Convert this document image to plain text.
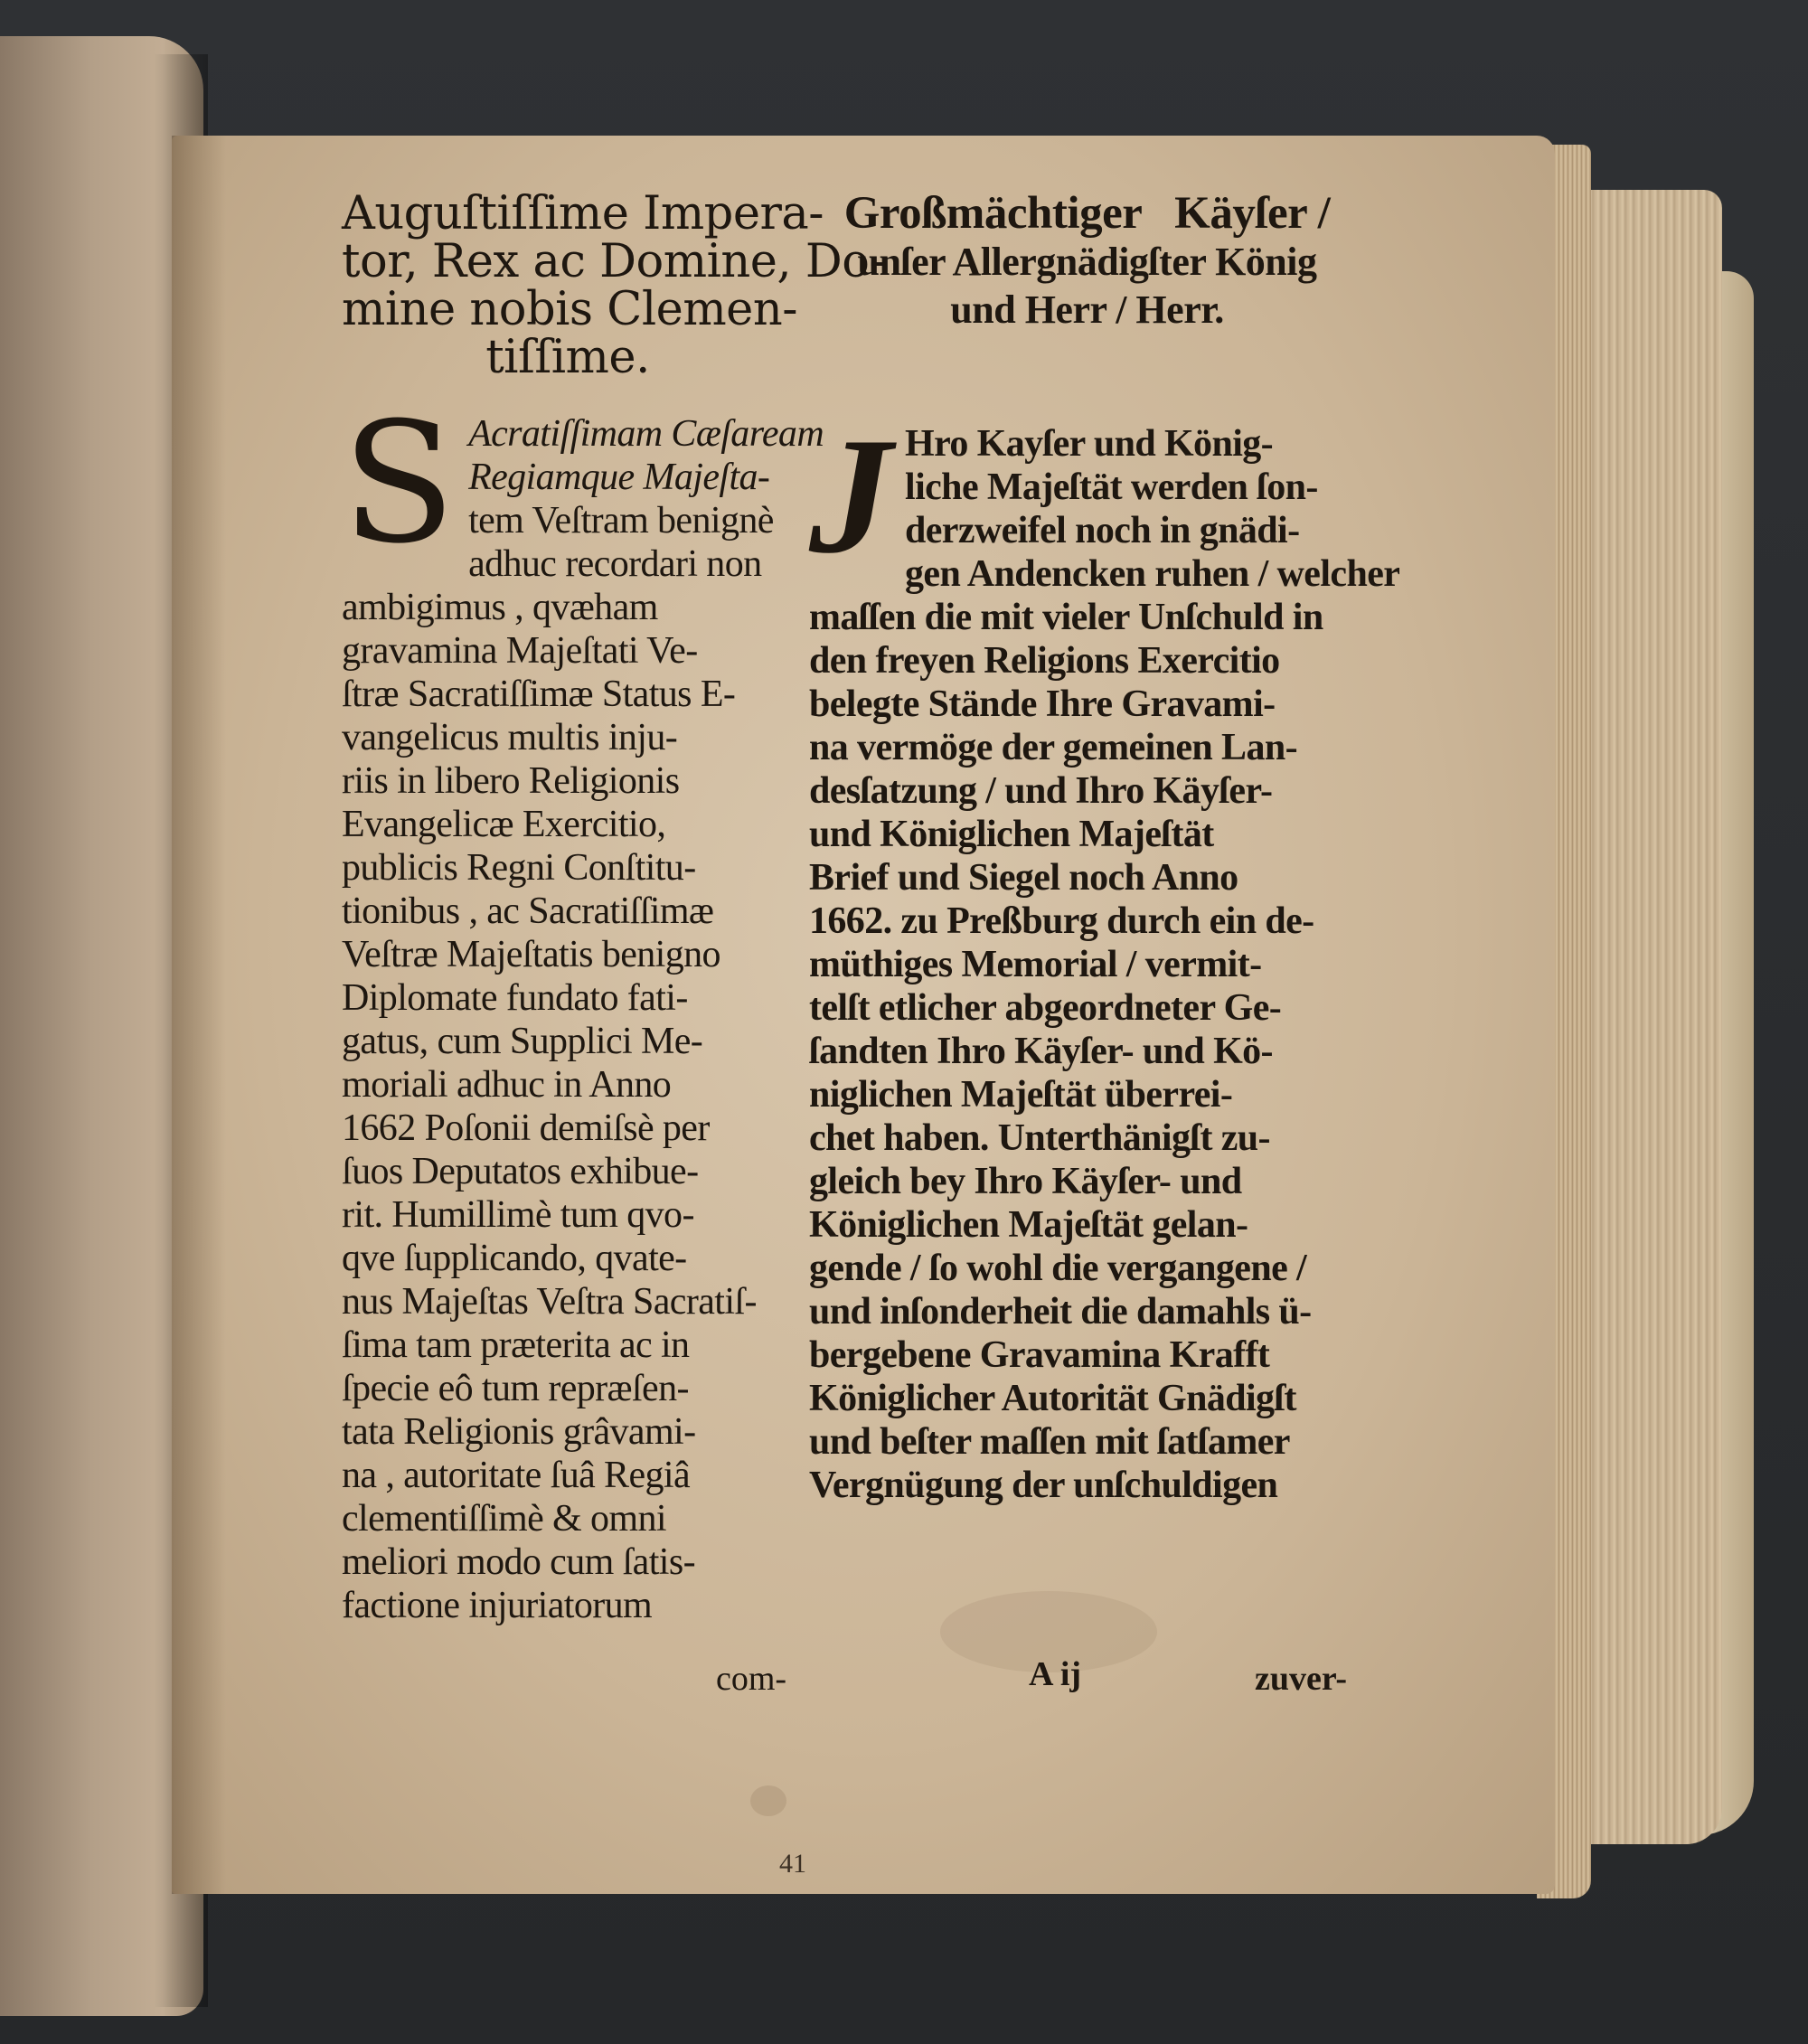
Auguſtiſſime Impera-

tor, Rex ac Domine, Do-

mine nobis Clemen-

tiſſime.

S Acratiſſimam Cæſaream

Regiamque Majeſta-

tem Veſtram benignè

adhuc recordari non

ambigimus , qvæham

gravamina Majeſtati Ve-

ſtræ Sacratiſſimæ Status E-

vangelicus multis inju-

riis in libero Religionis

Evangelicæ Exercitio,

publicis Regni Conſtitu-

tionibus , ac Sacratiſſimæ

Veſtræ Majeſtatis benigno

Diplomate fundato fati-

gatus, cum Supplici Me-

moriali adhuc in Anno

1662 Poſonii demiſsè per

ſuos Deputatos exhibue-

rit. Humillimè tum qvo-

qve ſupplicando, qvate-

nus Majeſtas Veſtra Sacratiſ-

ſima tam præterita ac in

ſpecie eô tum repræſen-

tata Religionis grâvami-

na , autoritate ſuâ Regiâ

clementiſſimè & omni

meliori modo cum ſatis-

factione injuriatorum

Großmächtiger   Käyſer /

unſer Allergnädigſter König

und Herr / Herr.

J Hro Kayſer und König-

liche Majeſtät werden ſon-

derzweifel noch in gnädi-

gen Andencken ruhen / welcher

maſſen die mit vieler Unſchuld in

den freyen Religions Exercitio

belegte Stände Ihre Gravami-

na vermöge der gemeinen Lan-

desſatzung / und Ihro Käyſer-

und Königlichen Majeſtät

Brief und Siegel noch Anno

1662. zu Preßburg durch ein de-

müthiges Memorial / vermit-

telſt etlicher abgeordneter Ge-

ſandten Ihro Käyſer- und Kö-

niglichen Majeſtät überrei-

chet haben. Unterthänigſt zu-

gleich bey Ihro Käyſer- und

Königlichen Majeſtät gelan-

gende / ſo wohl die vergangene /

und inſonderheit die damahls ü-

bergebene Gravamina Krafft

Königlicher Autorität Gnädigſt

und beſter maſſen mit ſatſamer

Vergnügung der unſchuldigen

com-	A ij	zuver-
41
